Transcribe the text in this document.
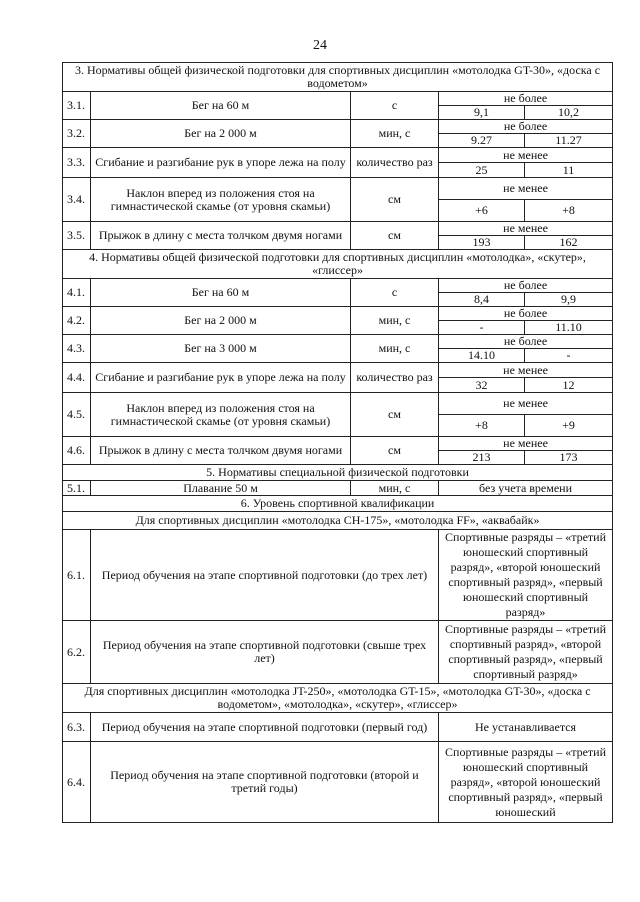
24
3. Нормативы общей физической подготовки для спортивных дисциплин «мотолодка GT-30», «доска с водометом»				
3.1.	Бег на 60 м	с	не более	
			9,1	10,2
3.2.	Бег на 2 000 м	мин, с	не более	
			9.27	11.27
3.3.	Сгибание и разгибание рук в упоре лежа на полу	количество раз	не менее	
			25	11
3.4.	Наклон вперед из положения стоя на гимнастической скамье (от уровня скамьи)	см	не менее	
			+6	+8
3.5.	Прыжок в длину с места толчком двумя ногами	см	не менее	
			193	162
4. Нормативы общей физической подготовки для спортивных дисциплин «мотолодка», «скутер», «глиссер»				
4.1.	Бег на 60 м	с	не более	
			8,4	9,9
4.2.	Бег на 2 000 м	мин, с	не более	
			-	11.10
4.3.	Бег на 3 000 м	мин, с	не более	
			14.10	-
4.4.	Сгибание и разгибание рук в упоре лежа на полу	количество раз	не менее	
			32	12
4.5.	Наклон вперед из положения стоя на гимнастической скамье (от уровня скамьи)	см	не менее	
			+8	+9
4.6.	Прыжок в длину с места толчком двумя ногами	см	не менее	
			213	173
5. Нормативы специальной физической подготовки				
5.1.	Плавание 50 м	мин, с	без учета времени	
6. Уровень спортивной квалификации				
Для спортивных дисциплин «мотолодка СН-175», «мотолодка FF», «аквабайк»				
6.1.	Период обучения на этапе спортивной подготовки (до трех лет)		Спортивные разряды – «третий юношеский спортивный разряд», «второй юношеский спортивный разряд», «первый юношеский спортивный разряд»	
6.2.	Период обучения на этапе спортивной подготовки (свыше трех лет)		Спортивные разряды – «третий спортивный разряд», «второй спортивный разряд», «первый спортивный разряд»	
Для спортивных дисциплин «мотолодка JT-250», «мотолодка GT-15», «мотолодка GT-30», «доска с водометом», «мотолодка», «скутер», «глиссер»				
6.3.	Период обучения на этапе спортивной подготовки (первый год)		Не устанавливается	
6.4.	Период обучения на этапе спортивной подготовки (второй и третий годы)		Спортивные разряды – «третий юношеский спортивный разряд», «второй юношеский спортивный разряд», «первый юношеский	
